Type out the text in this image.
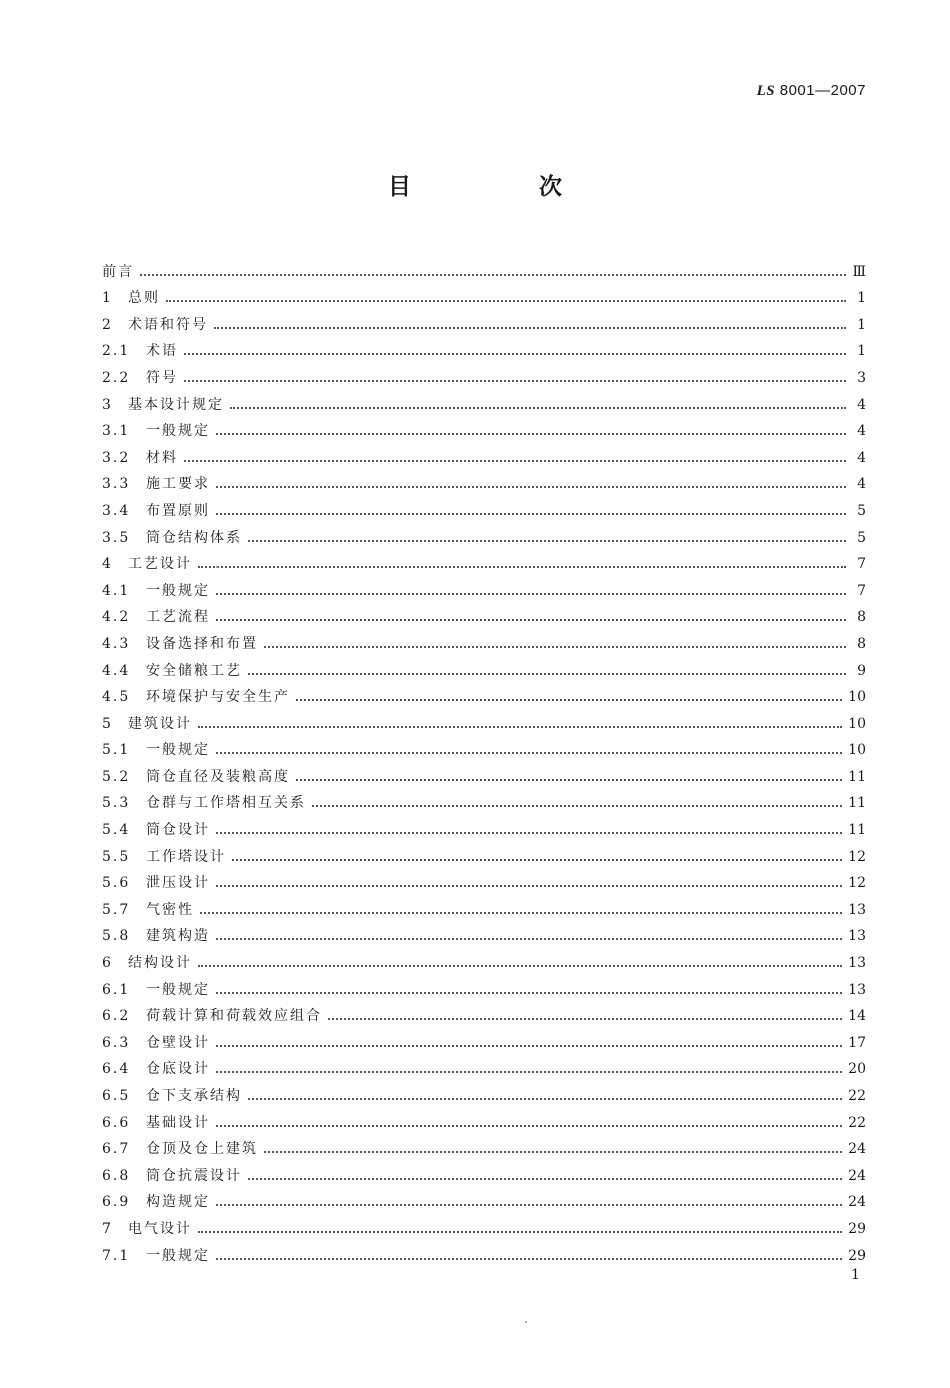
LS 8001—2007
目 次
前言	Ⅲ
1	总则	1
2	术语和符号	1
2.1	术语	1
2.2	符号	3
3	基本设计规定	4
3.1	一般规定	4
3.2	材料	4
3.3	施工要求	4
3.4	布置原则	5
3.5	筒仓结构体系	5
4	工艺设计	7
4.1	一般规定	7
4.2	工艺流程	8
4.3	设备选择和布置	8
4.4	安全储粮工艺	9
4.5	环境保护与安全生产	10
5	建筑设计	10
5.1	一般规定	10
5.2	筒仓直径及装粮高度	11
5.3	仓群与工作塔相互关系	11
5.4	筒仓设计	11
5.5	工作塔设计	12
5.6	泄压设计	12
5.7	气密性	13
5.8	建筑构造	13
6	结构设计	13
6.1	一般规定	13
6.2	荷载计算和荷载效应组合	14
6.3	仓壁设计	17
6.4	仓底设计	20
6.5	仓下支承结构	22
6.6	基础设计	22
6.7	仓顶及仓上建筑	24
6.8	筒仓抗震设计	24
6.9	构造规定	24
7	电气设计	29
7.1	一般规定	29
1
